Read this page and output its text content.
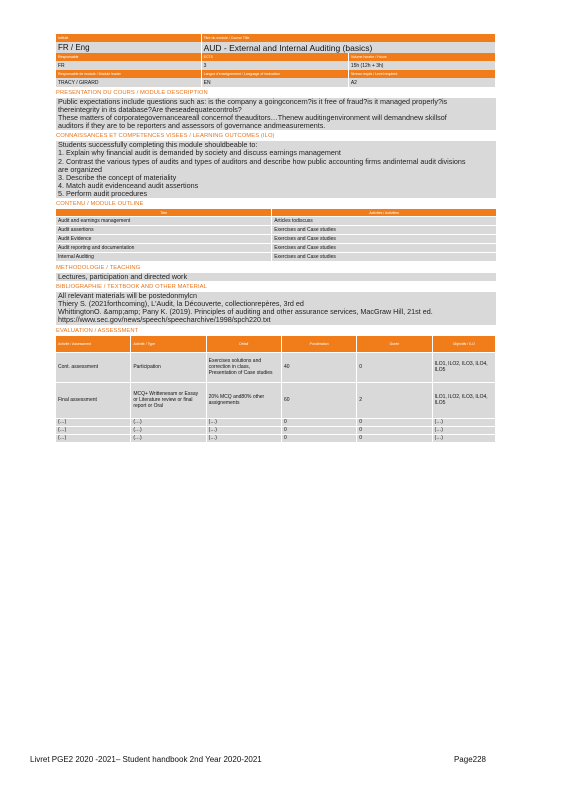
Intitulé	Titre du module / Course Title	
FR / Eng	AUD - External and Internal Auditing (basics)	
Responsable	ECTS	Volume horaire / Hours
FR	3	15h (12h + 3h)
Responsable de module / Module leader	Langue d'enseignement / Language of instruction	Niveau requis / Level required
TRACY / GIRARD	EN	A2
PRESENTATION DU COURS / MODULE DESCRIPTION
Public expectations include questions such as: is the company a goingconcern?is it free of fraud?is it managed properly?is
thereintegrity in its database?Are theseadequatecontrols?
These matters of corporategovernanceareall concernof theauditors…Thenew auditingenvironment will demandnew skillsof
auditors if they are to be reporters and assessors of governance andmeasurements.
CONNAISSANCES ET COMPETENCES VISEES / LEARNING OUTCOMES (ILO)
Students successfully completing this module shouldbeable to:
1. Explain why financial audit is demanded by society and discuss earnings management
2. Contrast the various types of audits and types of auditors and describe how public accounting firms andinternal audit divisions
are organized
3. Describe the concept of materiality
4. Match audit evidenceand audit assertions
5. Perform audit procedures
CONTENU / MODULE OUTLINE
Titre	Activités / Activities
Audit and earnings management	Articles todiscuss
Audit assertions	Exercises and Case studies
Audit Evidence	Exercises and Case studies
Audit reporting and documentation	Exercises and Case studies
Internal Auditing	Exercises and Case studies
METHODOLOGIE / TEACHING
Lectures, participation and directed work
BIBLIOGRAPHIE / TEXTBOOK AND OTHER MATERIAL
All relevant materials will be postedonmylcn
Thiery S. (2021forthcoming), L'Audit, la Découverte, collectionrepères, 3rd ed
WhittingtonO. &amp;amp; Pany K. (2019). Principles of auditing and other assurance services, MacGraw Hill, 21st ed.
https://www.sec.gov/news/speech/speecharchive/1998/spch220.txt
EVALUATION / ASSESSMENT
Activité / Assessment	Activité / Type	Détail	Pondération	Durée	Objectifs / ILO
Cont. assessment	Participation	Exercises solutions and correction in class, Presentation of Case studies	40	0	ILO1, ILO2, ILO3, ILO4, ILO5
Final assessment	MCQ+ Writtenexam or Essay or Literature review or final report or Oral	20% MCQ and80% other assignements	60	2	ILO1, ILO2, ILO3, ILO4, ILO5
(…)	(…)	(…)	0	0	(…)
(…)	(…)	(…)	0	0	(…)
(…)	(…)	(…)	0	0	(…)
Livret PGE2 2020 -2021– Student handbook 2nd Year 2020-2021	Page228
